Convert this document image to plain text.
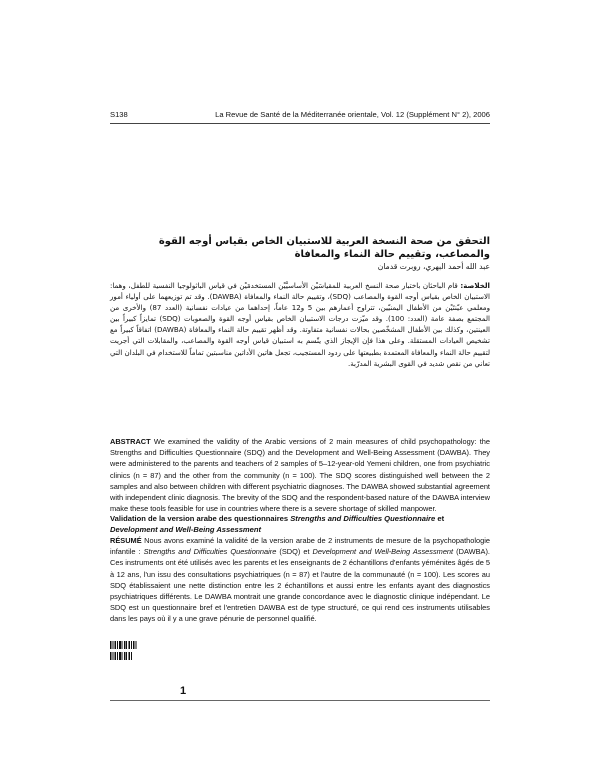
S138	La Revue de Santé de la Méditerranée orientale, Vol. 12 (Supplément N° 2), 2006
التحقق من صحة النسخة العربية للاستبيان الخاص بقياس أوجه القوة والمصاعب، وتقييم حالة النماء والمعافاة
عبد الله أحمد البهري، روبرت قدمان
الخلاصة: قام الباحثان باختبار صحة النسخ العربية للمقياسَيْن الأساسيَّيْن المستخدمَيْن في قياس الباثولوجيا النفسية للطفل، وهما: الاستبيان الخاص بقياس أوجه القوة والمصاعب (SDQ)، وتقييم حالة النماء والمعافاة (DAWBA). وقد تم توزيعهما على أولياء أمور ومعلمي عيّنتَيْن من الأطفال اليمنيّين، تتراوح أعمارهم بين 5 و12 عاماً، إحداهما من عيادات نفسانية (العدد 87) والأخرى من المجتمع بصفة عامة (العدد: 100). وقد ميّزت درجات الاستبيان الخاص بقياس أوجه القوة والصعوبات (SDQ) تمايزاً كبيراً بين العينتين، وكذلك بين الأطفال المشخّصين بحالات نفسانية متفاوتة. وقد أظهر تقييم حالة النماء والمعافاة (DAWBA) اتفاقاً كبيراً مع تشخيص العيادات المستقلة. وعلى هذا فإن الإيجاز الذي يتّسم به استبيان قياس أوجه القوة والمصاعب، والمقابلات التي أجريت لتقييم حالة النماء والمعافاة المعتمدة بطبيعتها على ردود المستجيب، تجعل هاتين الأداتين مناسبتين تماماً للاستخدام في البلدان التي تعاني من نقص شديد في القوى البشرية المدرّبة.
ABSTRACT We examined the validity of the Arabic versions of 2 main measures of child psychopathology: the Strengths and Difficulties Questionnaire (SDQ) and the Development and Well-Being Assessment (DAWBA). They were administered to the parents and teachers of 2 samples of 5–12-year-old Yemeni children, one from psychiatric clinics (n = 87) and the other from the community (n = 100). The SDQ scores distinguished well between the 2 samples and also between children with different psychiatric diagnoses. The DAWBA showed substantial agreement with independent clinic diagnosis. The brevity of the SDQ and the respondent-based nature of the DAWBA interview make these tools feasible for use in countries where there is a severe shortage of skilled manpower.
Validation de la version arabe des questionnaires Strengths and Difficulties Questionnaire et Development and Well-Being Assessment
RÉSUMÉ Nous avons examiné la validité de la version arabe de 2 instruments de mesure de la psychopathologie infantile : Strengths and Difficulties Questionnaire (SDQ) et Development and Well-Being Assessment (DAWBA). Ces instruments ont été utilisés avec les parents et les enseignants de 2 échantillons d'enfants yéménites âgés de 5 à 12 ans, l'un issu des consultations psychiatriques (n = 87) et l'autre de la communauté (n = 100). Les scores au SDQ établissaient une nette distinction entre les 2 échantillons et aussi entre les enfants ayant des diagnostics psychiatriques différents. Le DAWBA montrait une grande concordance avec le diagnostic clinique indépendant. Le SDQ est un questionnaire bref et l'entretien DAWBA est de type structuré, ce qui rend ces instruments utilisables dans les pays où il y a une grave pénurie de personnel qualifié.
1
